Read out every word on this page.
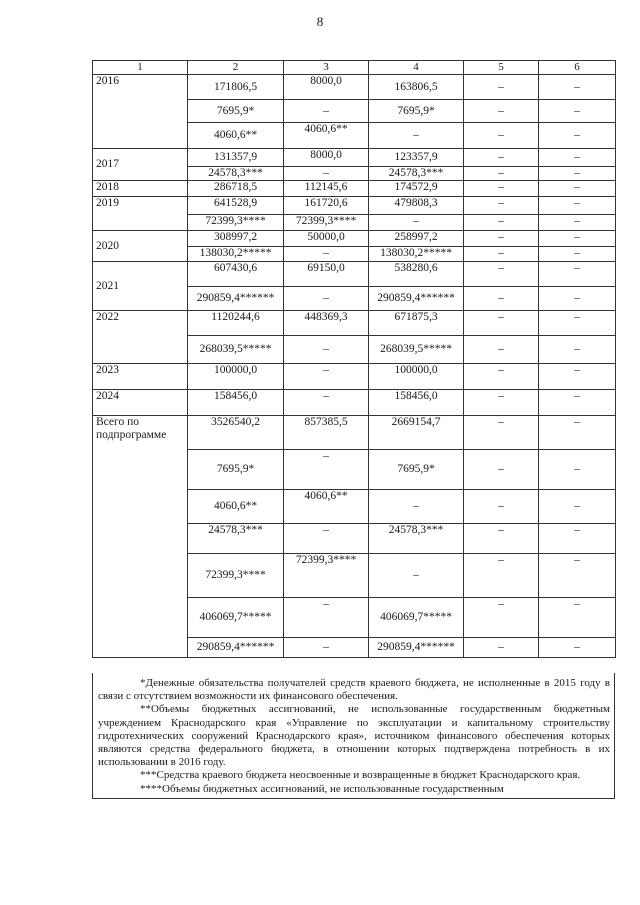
8
1	2	3	4	5	6
2016	171806,5	8000,0	163806,5	–	–
	7695,9*	–	7695,9*	–	–
	4060,6**	4060,6**	–	–	–
2017	131357,9	8000,0	123357,9	–	–
	24578,3***	–	24578,3***	–	–
2018	286718,5	112145,6	174572,9	–	–
2019	641528,9	161720,6	479808,3	–	–
	72399,3****	72399,3****	–	–	–
2020	308997,2	50000,0	258997,2	–	–
	138030,2*****	–	138030,2*****	–	–
2021	607430,6	69150,0	538280,6	–	–
	290859,4******	–	290859,4******	–	–
2022	1120244,6	448369,3	671875,3	–	–
	268039,5*****	–	268039,5*****	–	–
2023	100000,0	–	100000,0	–	–
2024	158456,0	–	158456,0	–	–
Всего по подпрограмме	3526540,2	857385,5	2669154,7	–	–
	7695,9*	–	7695,9*	–	–
	4060,6**	4060,6**	–	–	–
	24578,3***	–	24578,3***	–	–
	72399,3****	72399,3****	–	–	–
	406069,7*****	–	406069,7*****	–	–
	290859,4******	–	290859,4******	–	–

*Денежные обязательства получателей средств краевого бюджета, не исполненные в 2015 году в связи с отсутствием возможности их финансового обеспечения.

**Объемы бюджетных ассигнований, не использованные государственным бюджетным учреждением Краснодарского края «Управление по эксплуатации и капитальному строительству гидротехнических сооружений Краснодарского края», источником финансового обеспечения которых являются средства федерального бюджета, в отношении которых подтверждена потребность в их использовании в 2016 году.

***Средства краевого бюджета неосвоенные и возвращенные в бюджет Краснодарского края.

****Объемы бюджетных ассигнований, не использованные государственным
